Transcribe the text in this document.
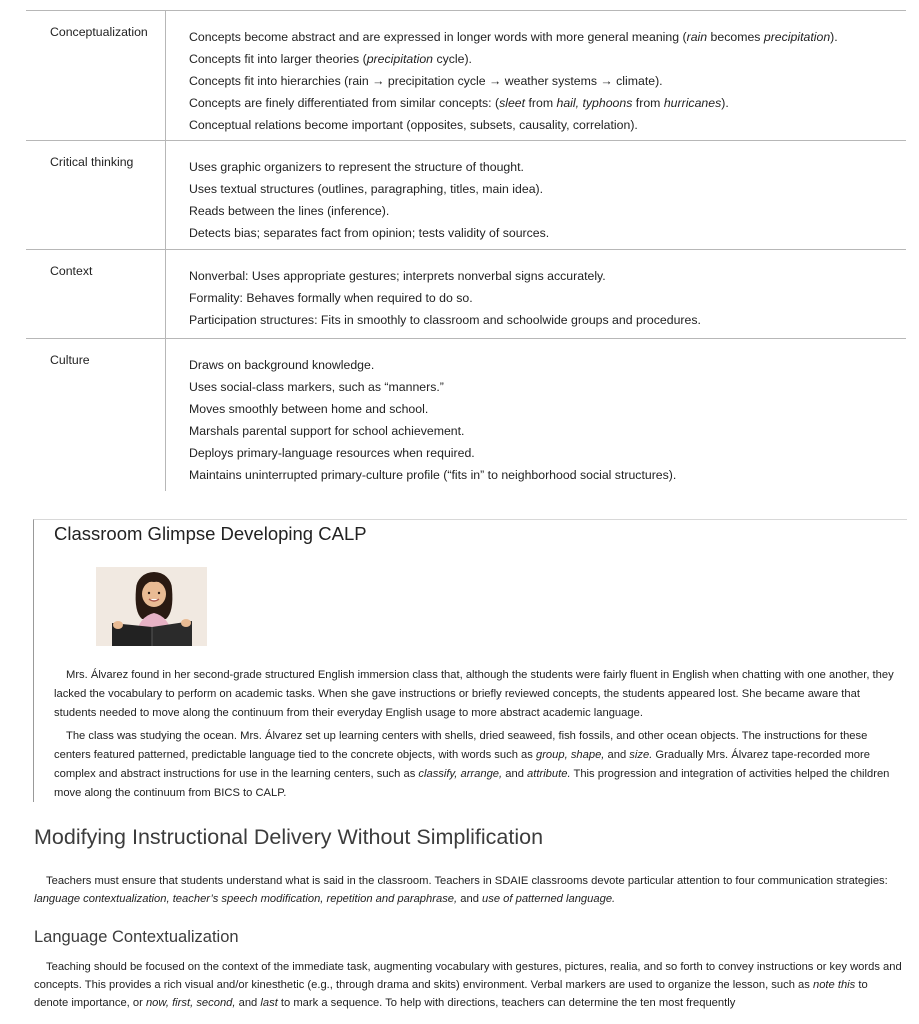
Conceptualization	Concepts become abstract and are expressed in longer words with more general meaning (rain becomes precipitation).
Concepts fit into larger theories (precipitation cycle).
Concepts fit into hierarchies (rain → precipitation cycle → weather systems → climate).
Concepts are finely differentiated from similar concepts: (sleet from hail, typhoons from hurricanes).
Conceptual relations become important (opposites, subsets, causality, correlation).
Critical thinking	Uses graphic organizers to represent the structure of thought.
Uses textual structures (outlines, paragraphing, titles, main idea).
Reads between the lines (inference).
Detects bias; separates fact from opinion; tests validity of sources.
Context	Nonverbal: Uses appropriate gestures; interprets nonverbal signs accurately.
Formality: Behaves formally when required to do so.
Participation structures: Fits in smoothly to classroom and schoolwide groups and procedures.
Culture	Draws on background knowledge.
Uses social-class markers, such as “manners.”
Moves smoothly between home and school.
Marshals parental support for school achievement.
Deploys primary-language resources when required.
Maintains uninterrupted primary-culture profile (“fits in” to neighborhood social structures).
Classroom Glimpse Developing CALP

Mrs. Álvarez found in her second-grade structured English immersion class that, although the students were fairly fluent in English when chatting with one another, they lacked the vocabulary to perform on academic tasks. When she gave instructions or briefly reviewed concepts, the students appeared lost. She became aware that students needed to move along the continuum from their everyday English usage to more abstract academic language.

The class was studying the ocean. Mrs. Álvarez set up learning centers with shells, dried seaweed, fish fossils, and other ocean objects. The instructions for these centers featured patterned, predictable language tied to the concrete objects, with words such as group, shape, and size. Gradually Mrs. Álvarez tape-recorded more complex and abstract instructions for use in the learning centers, such as classify, arrange, and attribute. This progression and integration of activities helped the children move along the continuum from BICS to CALP.

Modifying Instructional Delivery Without Simplification

Teachers must ensure that students understand what is said in the classroom. Teachers in SDAIE classrooms devote particular attention to four communication strategies: language contextualization, teacher’s speech modification, repetition and paraphrase, and use of patterned language.

Language Contextualization

Teaching should be focused on the context of the immediate task, augmenting vocabulary with gestures, pictures, realia, and so forth to convey instructions or key words and concepts. This provides a rich visual and/or kinesthetic (e.g., through drama and skits) environment. Verbal markers are used to organize the lesson, such as note this to denote importance, or now, first, second, and last to mark a sequence. To help with directions, teachers can determine the ten most frequently
